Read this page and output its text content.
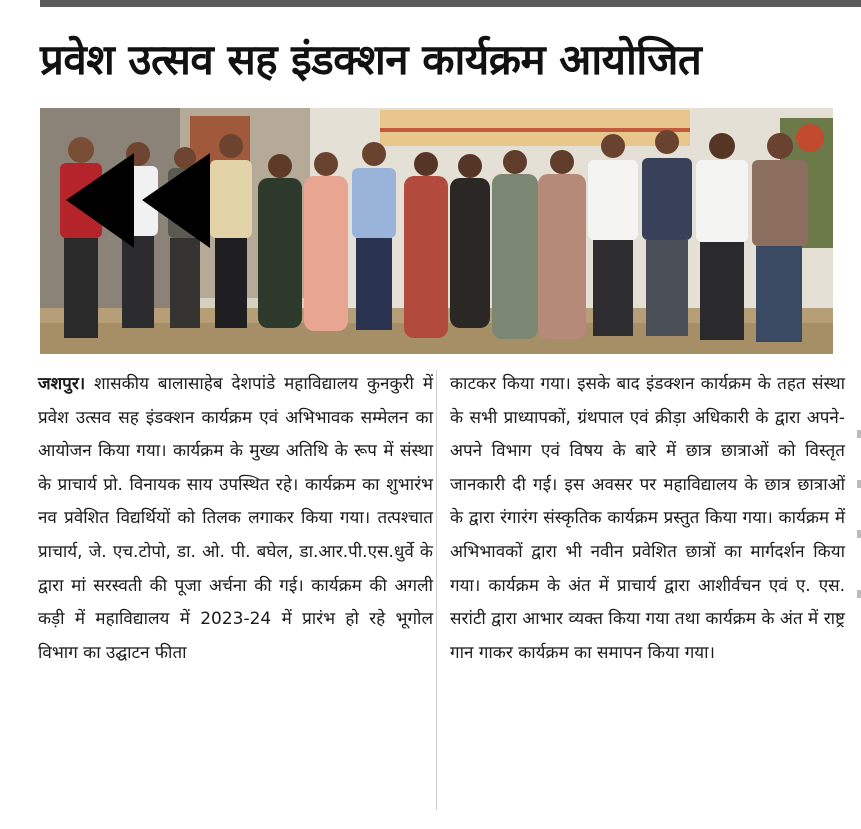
प्रवेश उत्सव सह इंडक्शन कार्यक्रम आयोजित

जशपुर। शासकीय बालासाहेब देशपांडे महाविद्यालय कुनकुरी में प्रवेश उत्सव सह इंडक्शन कार्यक्रम एवं अभिभावक सम्मेलन का आयोजन किया गया। कार्यक्रम के मुख्य अतिथि के रूप में संस्था के प्राचार्य प्रो. विनायक साय उपस्थित रहे। कार्यक्रम का शुभारंभ नव प्रवेशित विद्यर्थियों को तिलक लगाकर किया गया। तत्पश्चात प्राचार्य, जे. एच.टोपो, डा. ओ. पी. बघेल, डा.आर.पी.एस.धुर्वे के द्वारा मां सरस्वती की पूजा अर्चना की गई। कार्यक्रम की अगली कड़ी में महाविद्यालय में 2023-24 में प्रारंभ हो रहे भूगोल विभाग का उद्घाटन फीता

काटकर किया गया। इसके बाद इंडक्शन कार्यक्रम के तहत संस्था के सभी प्राध्यापकों, ग्रंथपाल एवं क्रीड़ा अधिकारी के द्वारा अपने-अपने विभाग एवं विषय के बारे में छात्र छात्राओं को विस्तृत जानकारी दी गई। इस अवसर पर महाविद्यालय के छात्र छात्राओं के द्वारा रंगारंग संस्कृतिक कार्यक्रम प्रस्तुत किया गया। कार्यक्रम में अभिभावकों द्वारा भी नवीन प्रवेशित छात्रों का मार्गदर्शन किया गया। कार्यक्रम के अंत में प्राचार्य द्वारा आशीर्वचन एवं ए. एस. सरांटी द्वारा आभार व्यक्त किया गया तथा कार्यक्रम के अंत में राष्ट्र गान गाकर कार्यक्रम का समापन किया गया।
